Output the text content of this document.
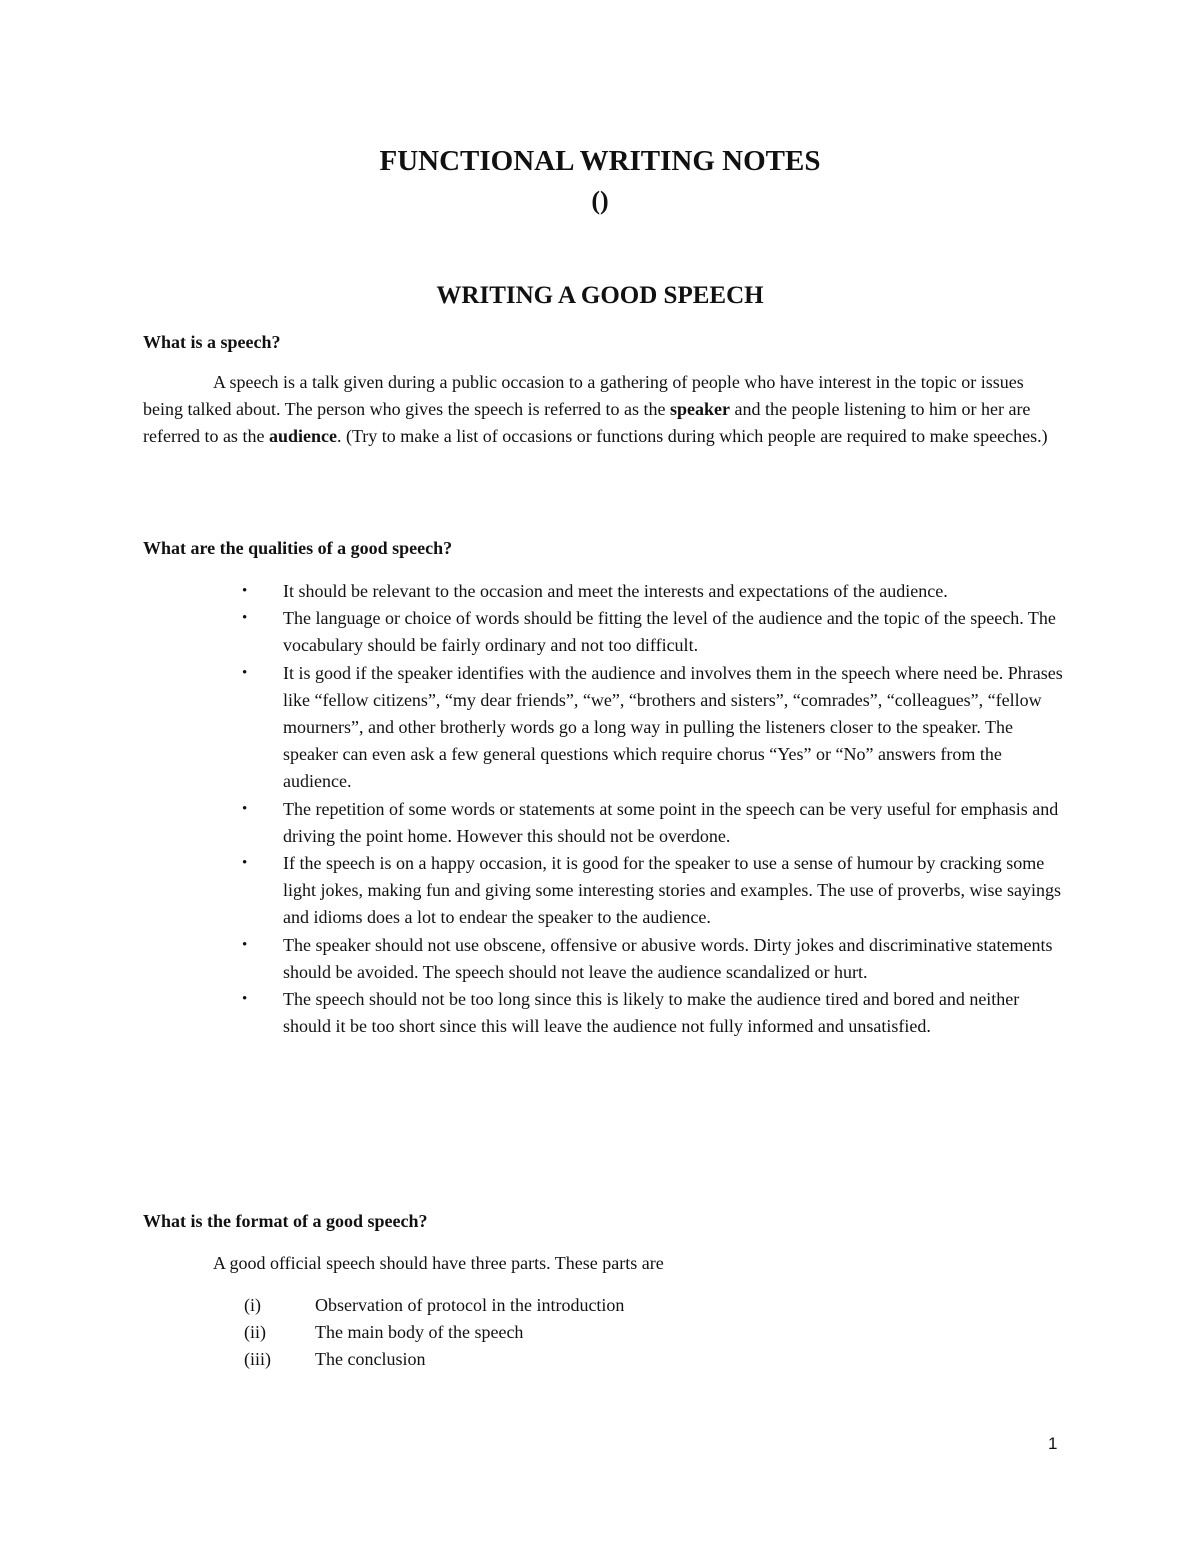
FUNCTIONAL WRITING NOTES
()
WRITING A GOOD SPEECH

What is a speech?

A speech is a talk given during a public occasion to a gathering of people who have interest in the topic or issues being talked about. The person who gives the speech is referred to as the speaker and the people listening to him or her are referred to as the audience. (Try to make a list of occasions or functions during which people are required to make speeches.)

What are the qualities of a good speech?

• It should be relevant to the occasion and meet the interests and expectations of the audience.
• The language or choice of words should be fitting the level of the audience and the topic of the speech. The vocabulary should be fairly ordinary and not too difficult.
• It is good if the speaker identifies with the audience and involves them in the speech where need be. Phrases like “fellow citizens”, “my dear friends”, “we”, “brothers and sisters”, “comrades”, “colleagues”, “fellow mourners”, and other brotherly words go a long way in pulling the listeners closer to the speaker. The speaker can even ask a few general questions which require chorus “Yes” or “No” answers from the audience.
• The repetition of some words or statements at some point in the speech can be very useful for emphasis and driving the point home. However this should not be overdone.
• If the speech is on a happy occasion, it is good for the speaker to use a sense of humour by cracking some light jokes, making fun and giving some interesting stories and examples. The use of proverbs, wise sayings and idioms does a lot to endear the speaker to the audience.
• The speaker should not use obscene, offensive or abusive words. Dirty jokes and discriminative statements should be avoided. The speech should not leave the audience scandalized or hurt.
• The speech should not be too long since this is likely to make the audience tired and bored and neither should it be too short since this will leave the audience not fully informed and unsatisfied.

What is the format of a good speech?

A good official speech should have three parts. These parts are

(i)	Observation of protocol in the introduction
(ii)	The main body of the speech
(iii)	The conclusion
1
